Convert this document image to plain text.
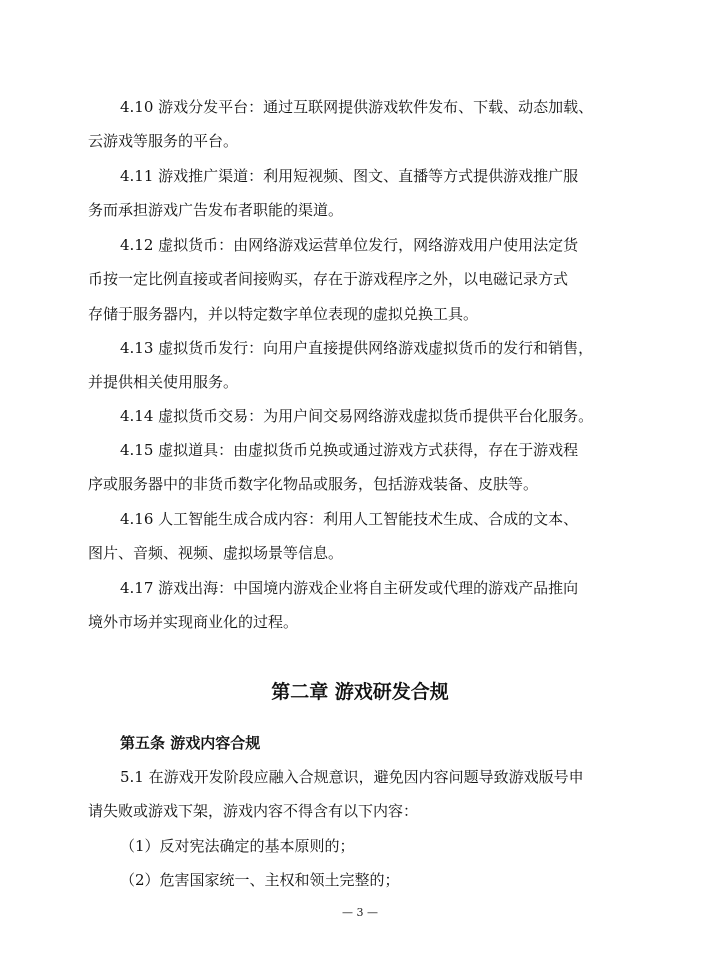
4.10 游戏分发平台：通过互联网提供游戏软件发布、下载、动态加载、
云游戏等服务的平台。
4.11 游戏推广渠道：利用短视频、图文、直播等方式提供游戏推广服
务而承担游戏广告发布者职能的渠道。
4.12 虚拟货币：由网络游戏运营单位发行，网络游戏用户使用法定货
币按一定比例直接或者间接购买，存在于游戏程序之外，以电磁记录方式
存储于服务器内，并以特定数字单位表现的虚拟兑换工具。
4.13 虚拟货币发行：向用户直接提供网络游戏虚拟货币的发行和销售，
并提供相关使用服务。
4.14 虚拟货币交易：为用户间交易网络游戏虚拟货币提供平台化服务。
4.15 虚拟道具：由虚拟货币兑换或通过游戏方式获得，存在于游戏程
序或服务器中的非货币数字化物品或服务，包括游戏装备、皮肤等。
4.16 人工智能生成合成内容：利用人工智能技术生成、合成的文本、
图片、音频、视频、虚拟场景等信息。
4.17 游戏出海：中国境内游戏企业将自主研发或代理的游戏产品推向
境外市场并实现商业化的过程。
第二章 游戏研发合规
第五条 游戏内容合规
5.1 在游戏开发阶段应融入合规意识，避免因内容问题导致游戏版号申
请失败或游戏下架，游戏内容不得含有以下内容：
（1）反对宪法确定的基本原则的；
（2）危害国家统一、主权和领土完整的；
— 3 —
